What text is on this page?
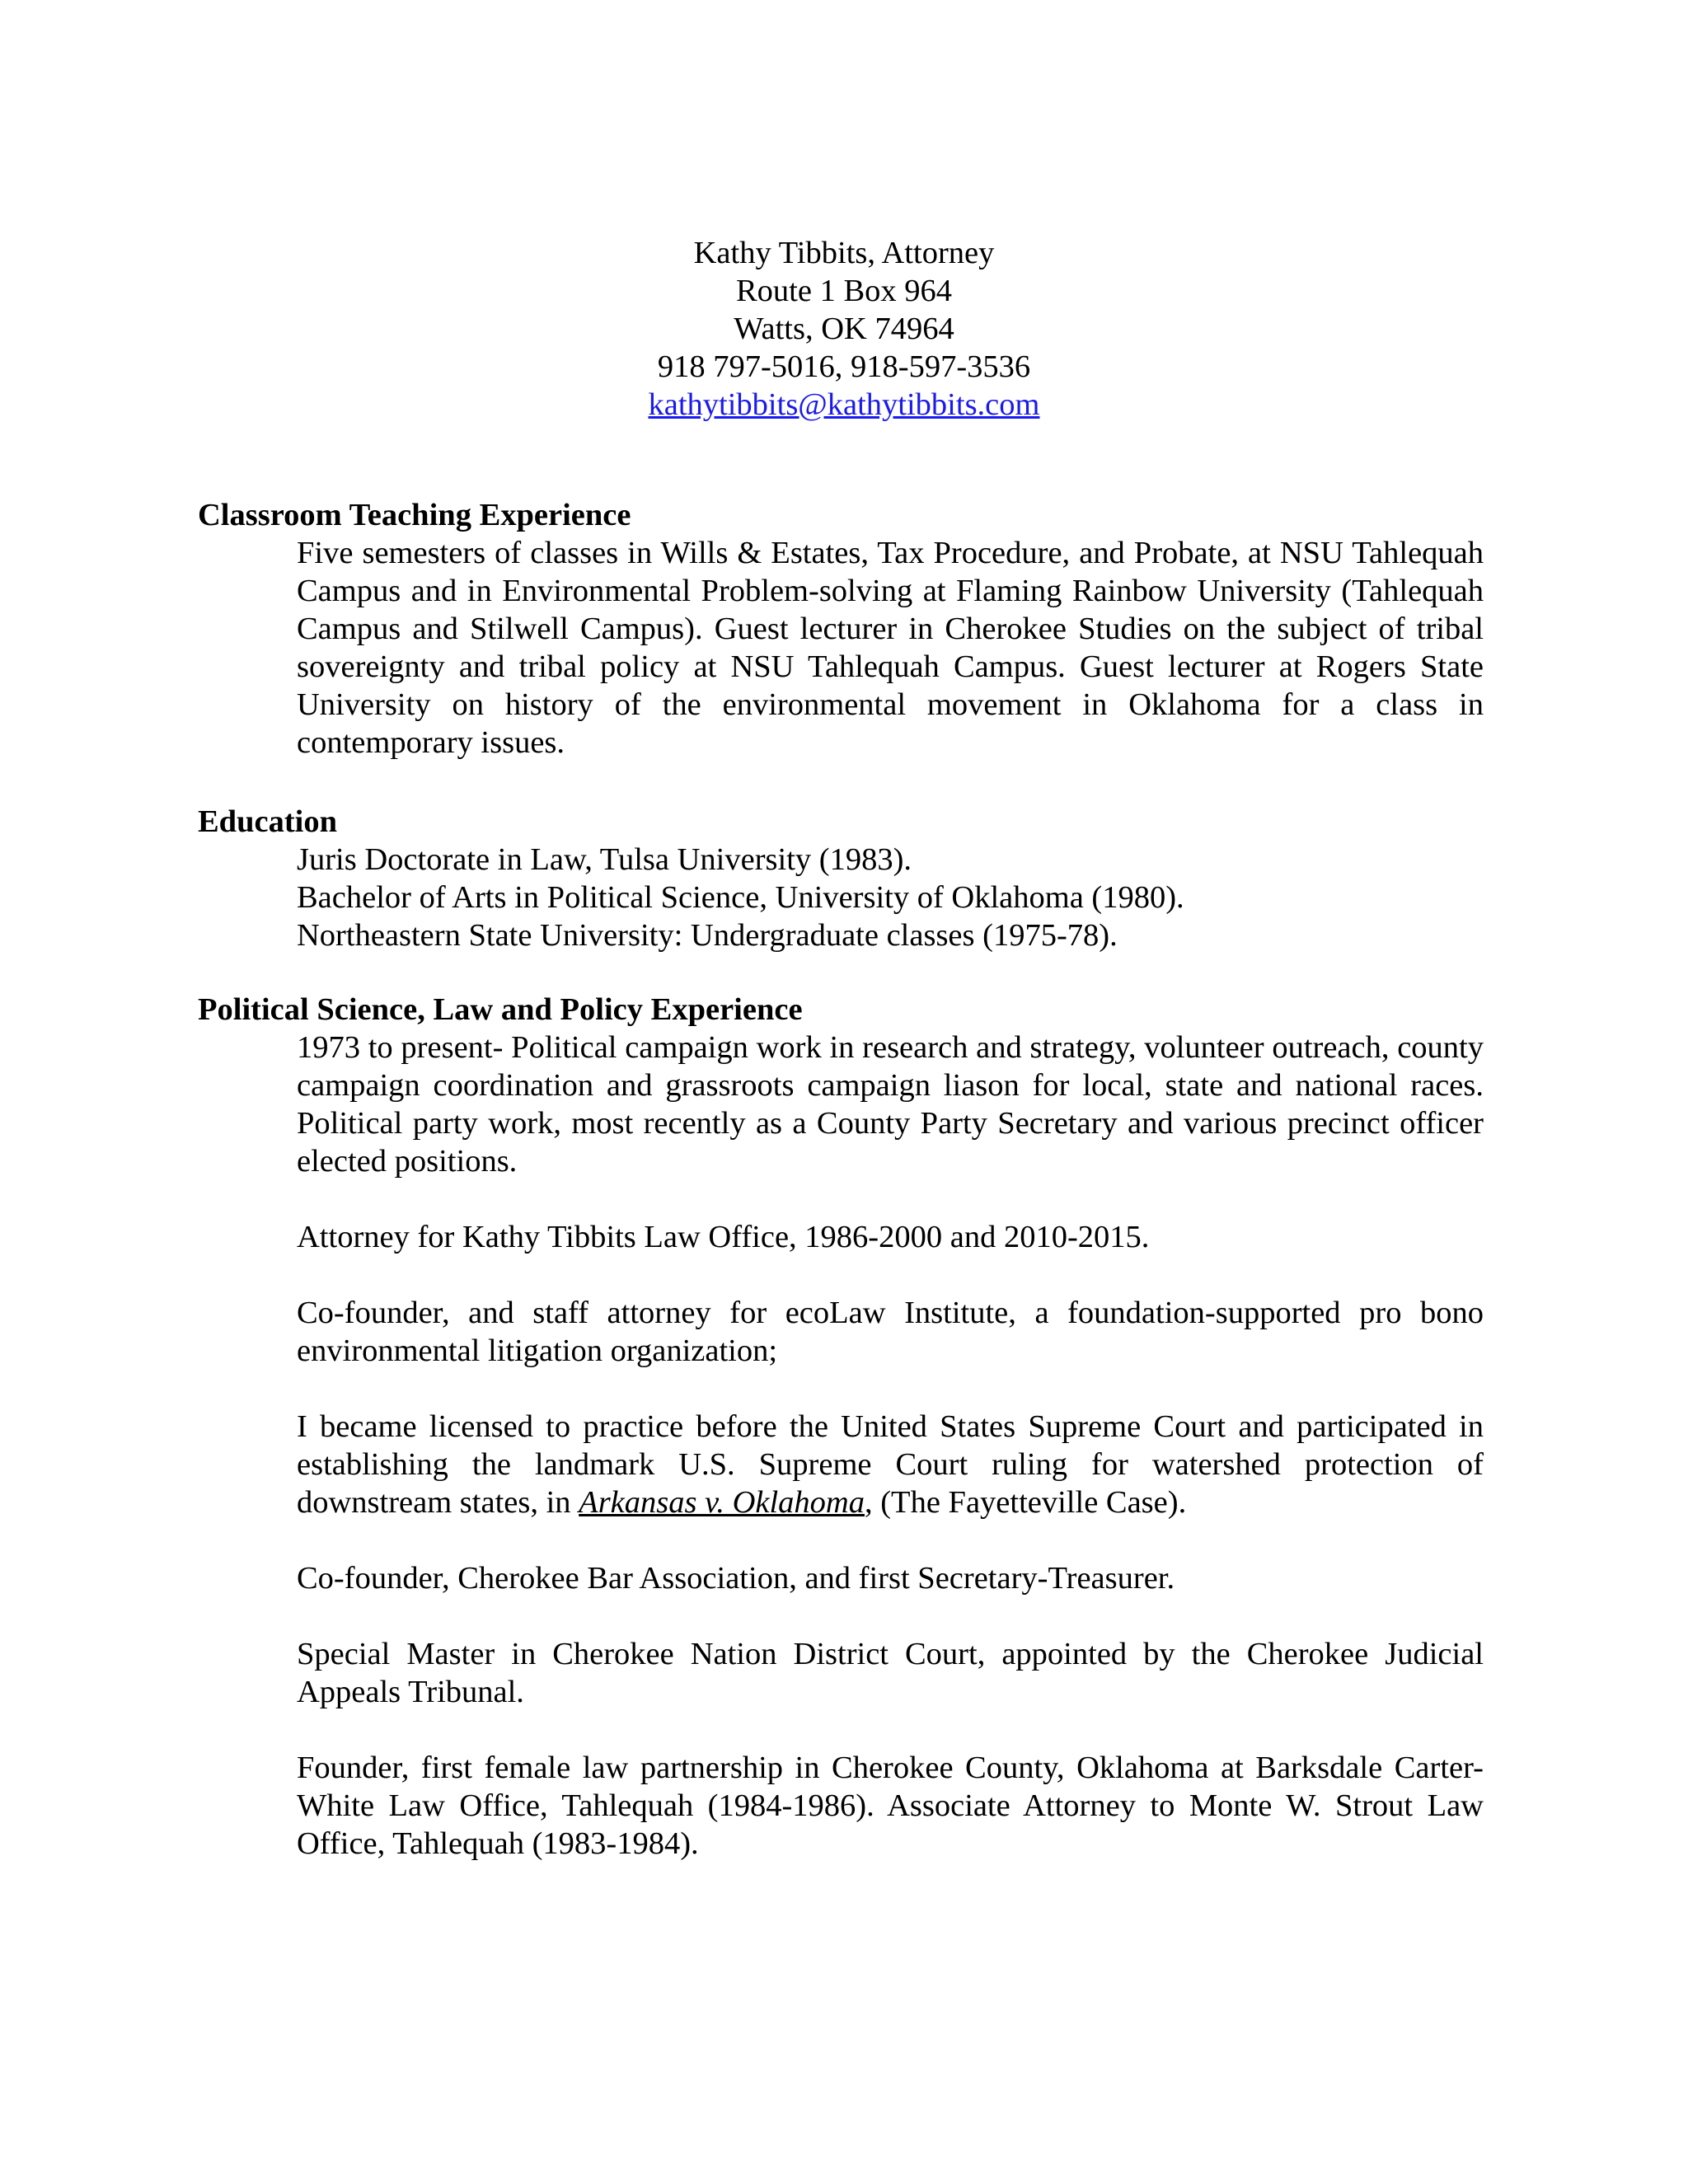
Kathy Tibbits, Attorney
Route 1 Box 964
Watts, OK 74964
918 797-5016, 918-597-3536
kathytibbits@kathytibbits.com
Classroom Teaching Experience

Five semesters of classes in Wills & Estates, Tax Procedure, and Probate, at NSU Tahlequah Campus and in Environmental Problem-solving at Flaming Rainbow University (Tahlequah Campus and Stilwell Campus). Guest lecturer in Cherokee Studies on the subject of tribal sovereignty and tribal policy at NSU Tahlequah Campus. Guest lecturer at Rogers State University on history of the environmental movement in Oklahoma for a class in contemporary issues.

Education
Juris Doctorate in Law, Tulsa University (1983).
Bachelor of Arts in Political Science, University of Oklahoma (1980).
Northeastern State University: Undergraduate classes (1975-78).
Political Science, Law and Policy Experience

1973 to present- Political campaign work in research and strategy, volunteer outreach, county campaign coordination and grassroots campaign liason for local, state and national races. Political party work, most recently as a County Party Secretary and various precinct officer elected positions.

Attorney for Kathy Tibbits Law Office, 1986-2000 and 2010-2015.

Co-founder, and staff attorney for ecoLaw Institute, a foundation-supported pro bono environmental litigation organization;

I became licensed to practice before the United States Supreme Court and participated in establishing the landmark U.S. Supreme Court ruling for watershed protection of downstream states, in Arkansas v. Oklahoma, (The Fayetteville Case).

Co-founder, Cherokee Bar Association, and first Secretary-Treasurer.

Special Master in Cherokee Nation District Court, appointed by the Cherokee Judicial Appeals Tribunal.

Founder, first female law partnership in Cherokee County, Oklahoma at Barksdale Carter-White Law Office, Tahlequah (1984-1986). Associate Attorney to Monte W. Strout Law Office, Tahlequah (1983-1984).
